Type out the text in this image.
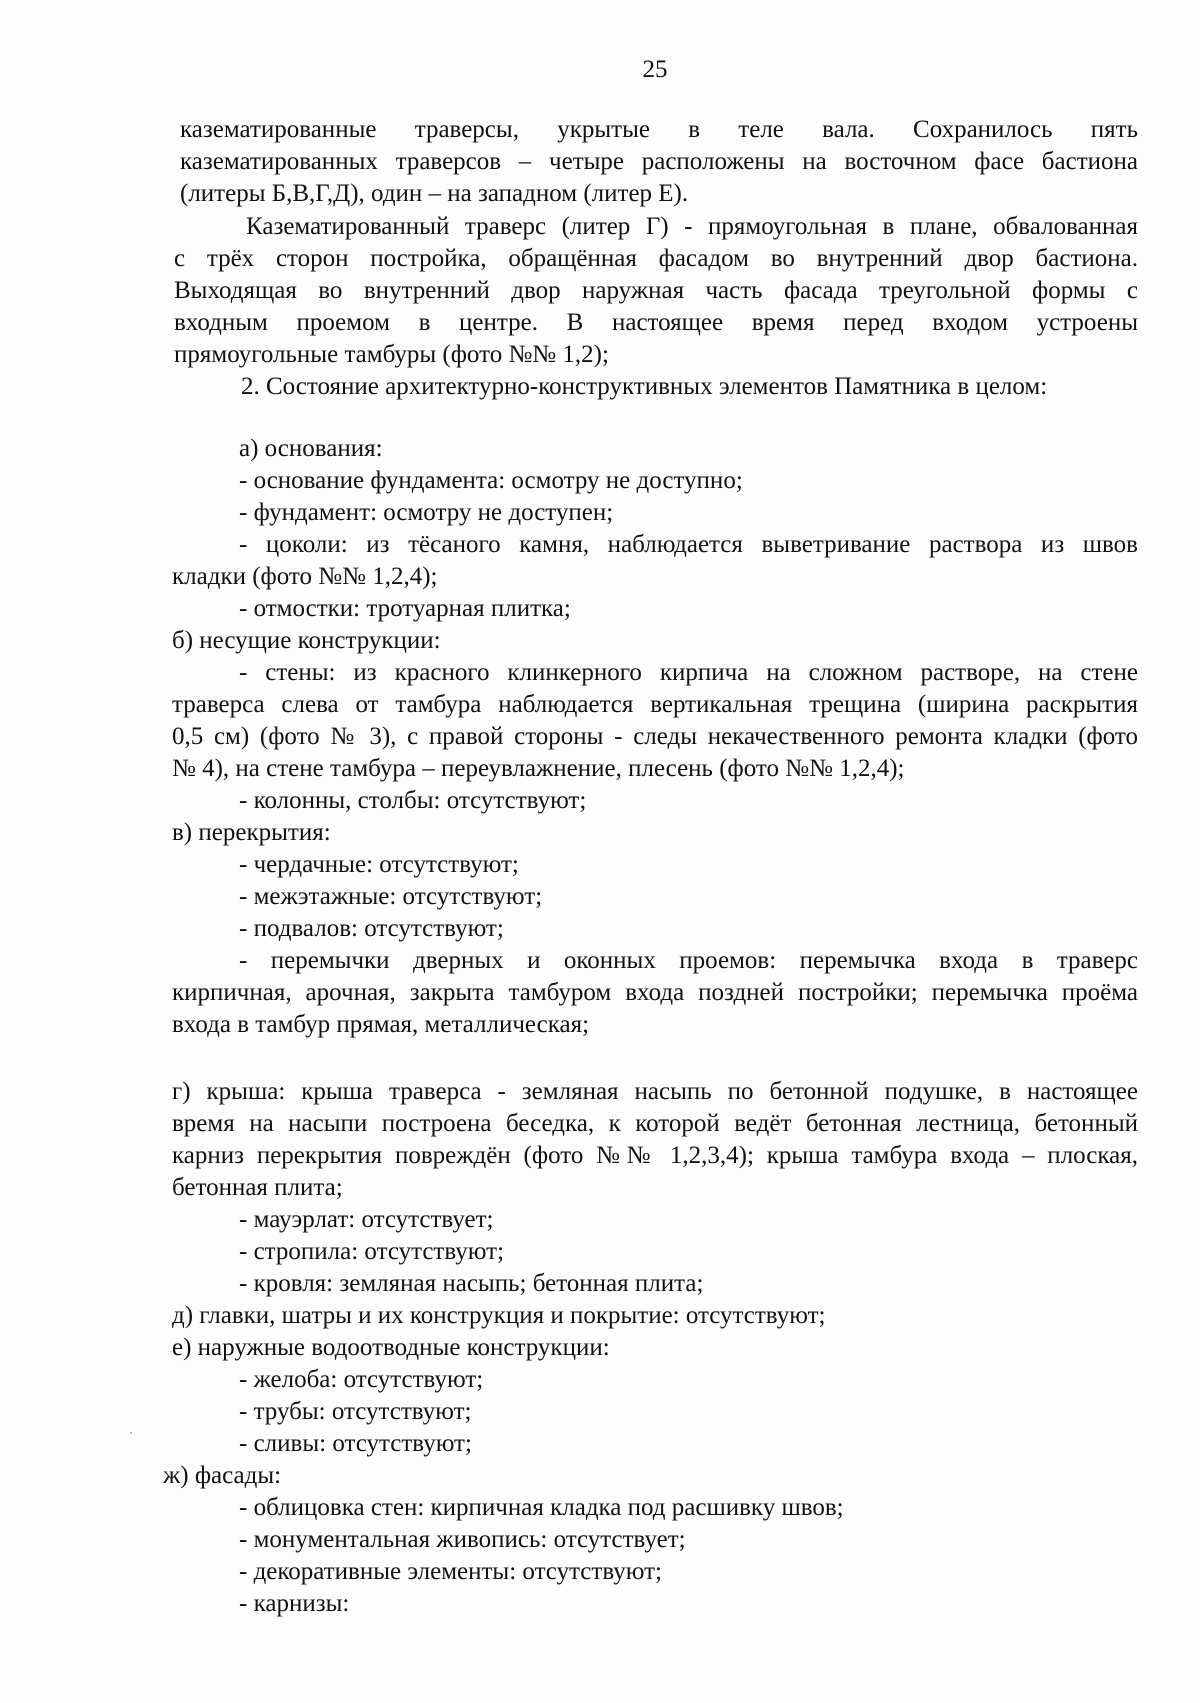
25
казематированные траверсы, укрытые в теле вала. Сохранилось пять
казематированных траверсов – четыре расположены на восточном фасе бастиона
(литеры Б,В,Г,Д), один – на западном (литер Е).
Казематированный траверс (литер Г) - прямоугольная в плане, обвалованная
с трёх сторон постройка, обращённая фасадом во внутренний двор бастиона.
Выходящая во внутренний двор наружная часть фасада треугольной формы с
входным проемом в центре. В настоящее время перед входом устроены
прямоугольные тамбуры (фото №№ 1,2);
2. Состояние архитектурно-конструктивных элементов Памятника в целом:
а) основания:
- основание фундамента: осмотру не доступно;
- фундамент: осмотру не доступен;
- цоколи: из тёсаного камня, наблюдается выветривание раствора из швов
кладки (фото №№ 1,2,4);
- отмостки: тротуарная плитка;
б) несущие конструкции:
- стены: из красного клинкерного кирпича на сложном растворе, на стене
траверса слева от тамбура наблюдается вертикальная трещина (ширина раскрытия
0,5 см) (фото № 3), с правой стороны - следы некачественного ремонта кладки (фото
№ 4), на стене тамбура – переувлажнение, плесень (фото №№ 1,2,4);
- колонны, столбы: отсутствуют;
в) перекрытия:
- чердачные: отсутствуют;
- межэтажные: отсутствуют;
- подвалов: отсутствуют;
- перемычки дверных и оконных проемов: перемычка входа в траверс
кирпичная, арочная, закрыта тамбуром входа поздней постройки; перемычка проёма
входа в тамбур прямая, металлическая;
г) крыша: крыша траверса - земляная насыпь по бетонной подушке, в настоящее
время на насыпи построена беседка, к которой ведёт бетонная лестница, бетонный
карниз перекрытия повреждён (фото №№ 1,2,3,4); крыша тамбура входа – плоская,
бетонная плита;
- мауэрлат: отсутствует;
- стропила: отсутствуют;
- кровля: земляная насыпь; бетонная плита;
д) главки, шатры и их конструкция и покрытие: отсутствуют;
е) наружные водоотводные конструкции:
- желоба: отсутствуют;
- трубы: отсутствуют;
- сливы: отсутствуют;
ж) фасады:
- облицовка стен: кирпичная кладка под расшивку швов;
- монументальная живопись: отсутствует;
- декоративные элементы: отсутствуют;
- карнизы:
